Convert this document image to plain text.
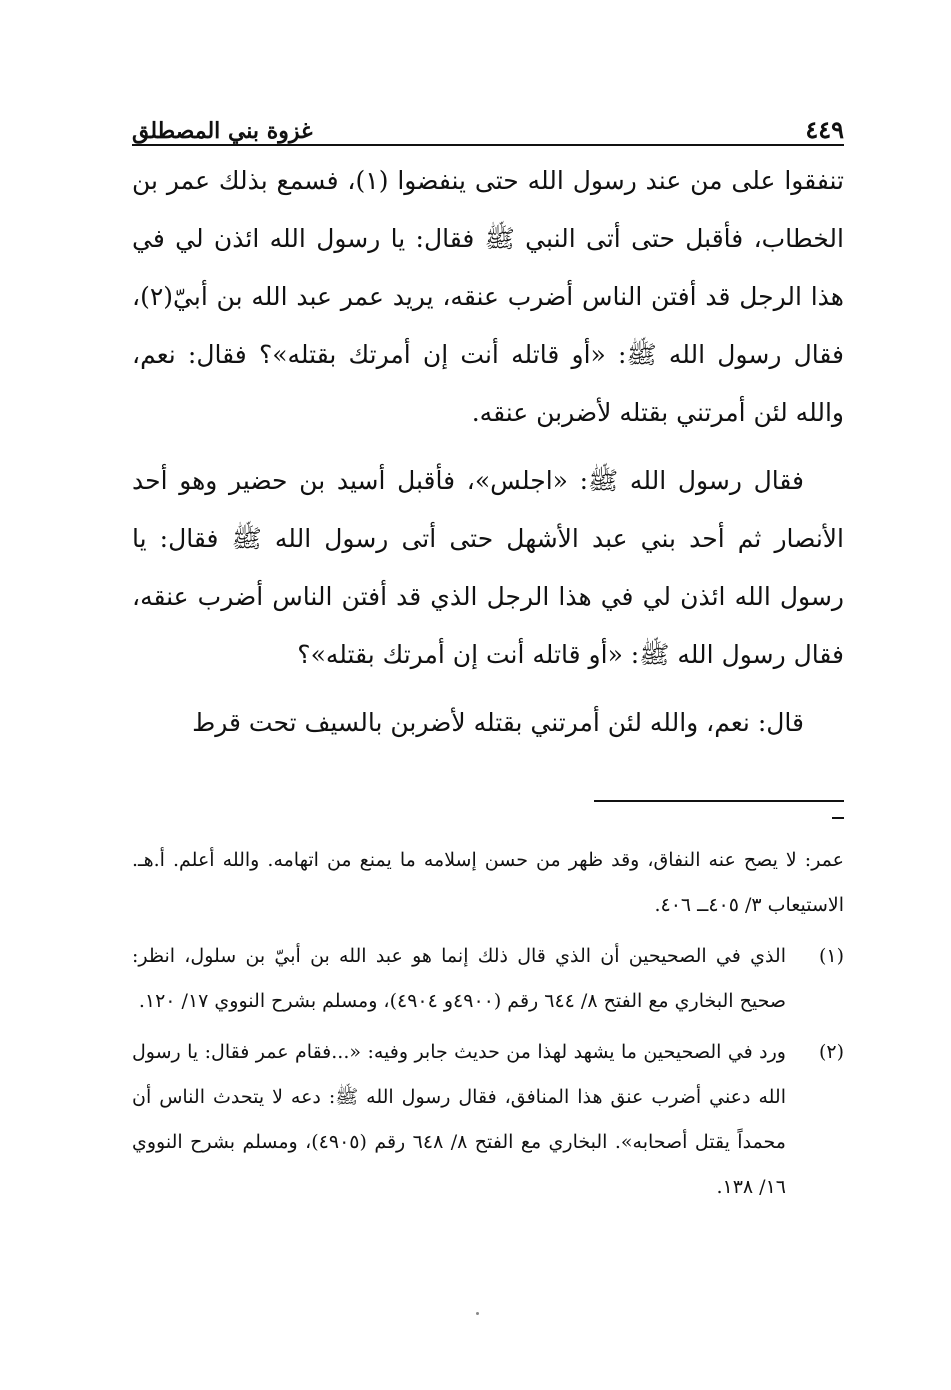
٤٤٩
غزوة بني المصطلق

تنفقوا على من عند رسول الله حتى ينفضوا (١)، فسمع بذلك عمر بن الخطاب، فأقبل حتى أتى النبي ﷺ فقال: يا رسول الله ائذن لي في هذا الرجل قد أفتن الناس أضرب عنقه، يريد عمر عبد الله بن أبيّ(٢)، فقال رسول الله ﷺ: «أو قاتله أنت إن أمرتك بقتله»؟ فقال: نعم، والله لئن أمرتني بقتله لأضربن عنقه.

فقال رسول الله ﷺ: «اجلس»، فأقبل أسيد بن حضير وهو أحد الأنصار ثم أحد بني عبد الأشهل حتى أتى رسول الله ﷺ فقال: يا رسول الله ائذن لي في هذا الرجل الذي قد أفتن الناس أضرب عنقه، فقال رسول الله ﷺ: «أو قاتله أنت إن أمرتك بقتله»؟

قال: نعم، والله لئن أمرتني بقتله لأضربن بالسيف تحت قرط

عمر: لا يصح عنه النفاق، وقد ظهر من حسن إسلامه ما يمنع من اتهامه. والله أعلم. أ.هـ. الاستيعاب ٣/ ٤٠٥ــ ٤٠٦.

(١)
الذي في الصحيحين أن الذي قال ذلك إنما هو عبد الله بن أبيّ بن سلول، انظر: صحيح البخاري مع الفتح ٨/ ٦٤٤ رقم (٤٩٠٠و ٤٩٠٤)، ومسلم بشرح النووي ١٧/ ١٢٠.
(٢)
ورد في الصحيحين ما يشهد لهذا من حديث جابر وفيه: «...فقام عمر فقال: يا رسول الله دعني أضرب عنق هذا المنافق، فقال رسول الله ﷺ: دعه لا يتحدث الناس أن محمداً يقتل أصحابه». البخاري مع الفتح ٨/ ٦٤٨ رقم (٤٩٠٥)، ومسلم بشرح النووي ١٦/ ١٣٨.
